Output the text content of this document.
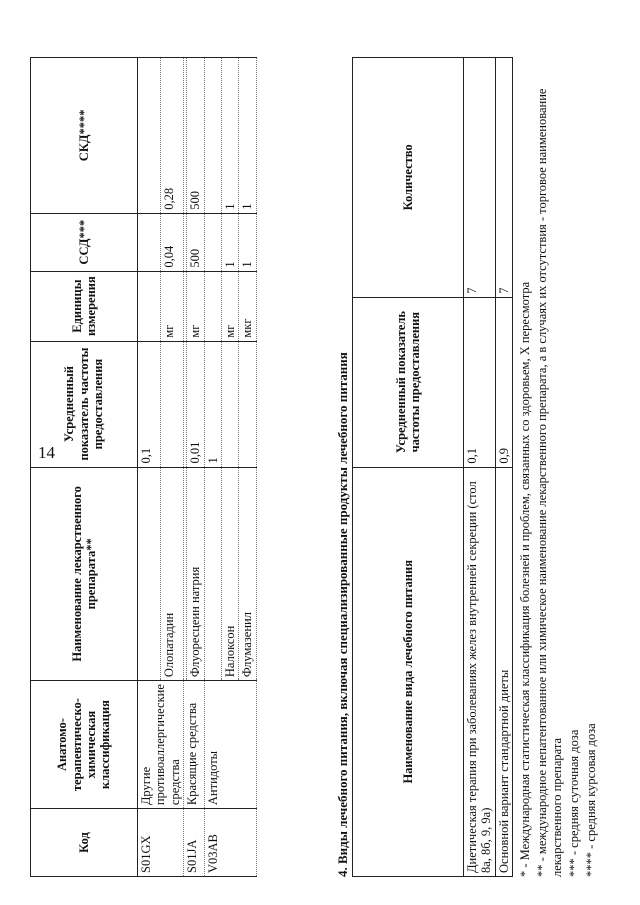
14
Код	Анатомо-терапевтическо-химическая классификация	Наименование лекарственного препарата**	Усредненный показатель частоты предоставления	Единицы измерения	ССД***	СКД****
S01GX	Другие противоаллергические средства		0,1			
		Олопатадин		мг	0,04	0,28
S01JA	Красящие средства					
		Флуоресцеин натрия	0,01	мг	500	500
V03AB	Антидоты		1			
		Налоксон		мг	1	1
		Флумазенил		мкг	1	1
4. Виды лечебного питания, включая специализированные продукты лечебного питания	Наименование вида лечебного питания	Усредненный показатель частоты предоставления	Количество
Диетическая терапия при заболеваниях желез внутренней секреции (стол 8а, 8б, 9, 9а)	0,1	7
Основной вариант стандартной диеты	0,9	7 * - Международная статистическая классификация болезней и проблем, связанных со здоровьем, X пересмотра ** - международное непатентованное или химическое наименование лекарственного препарата, а в случаях их отсутствия - торговое наименование лекарственного препарата *** - средняя суточная доза **** - средняя курсовая доза
